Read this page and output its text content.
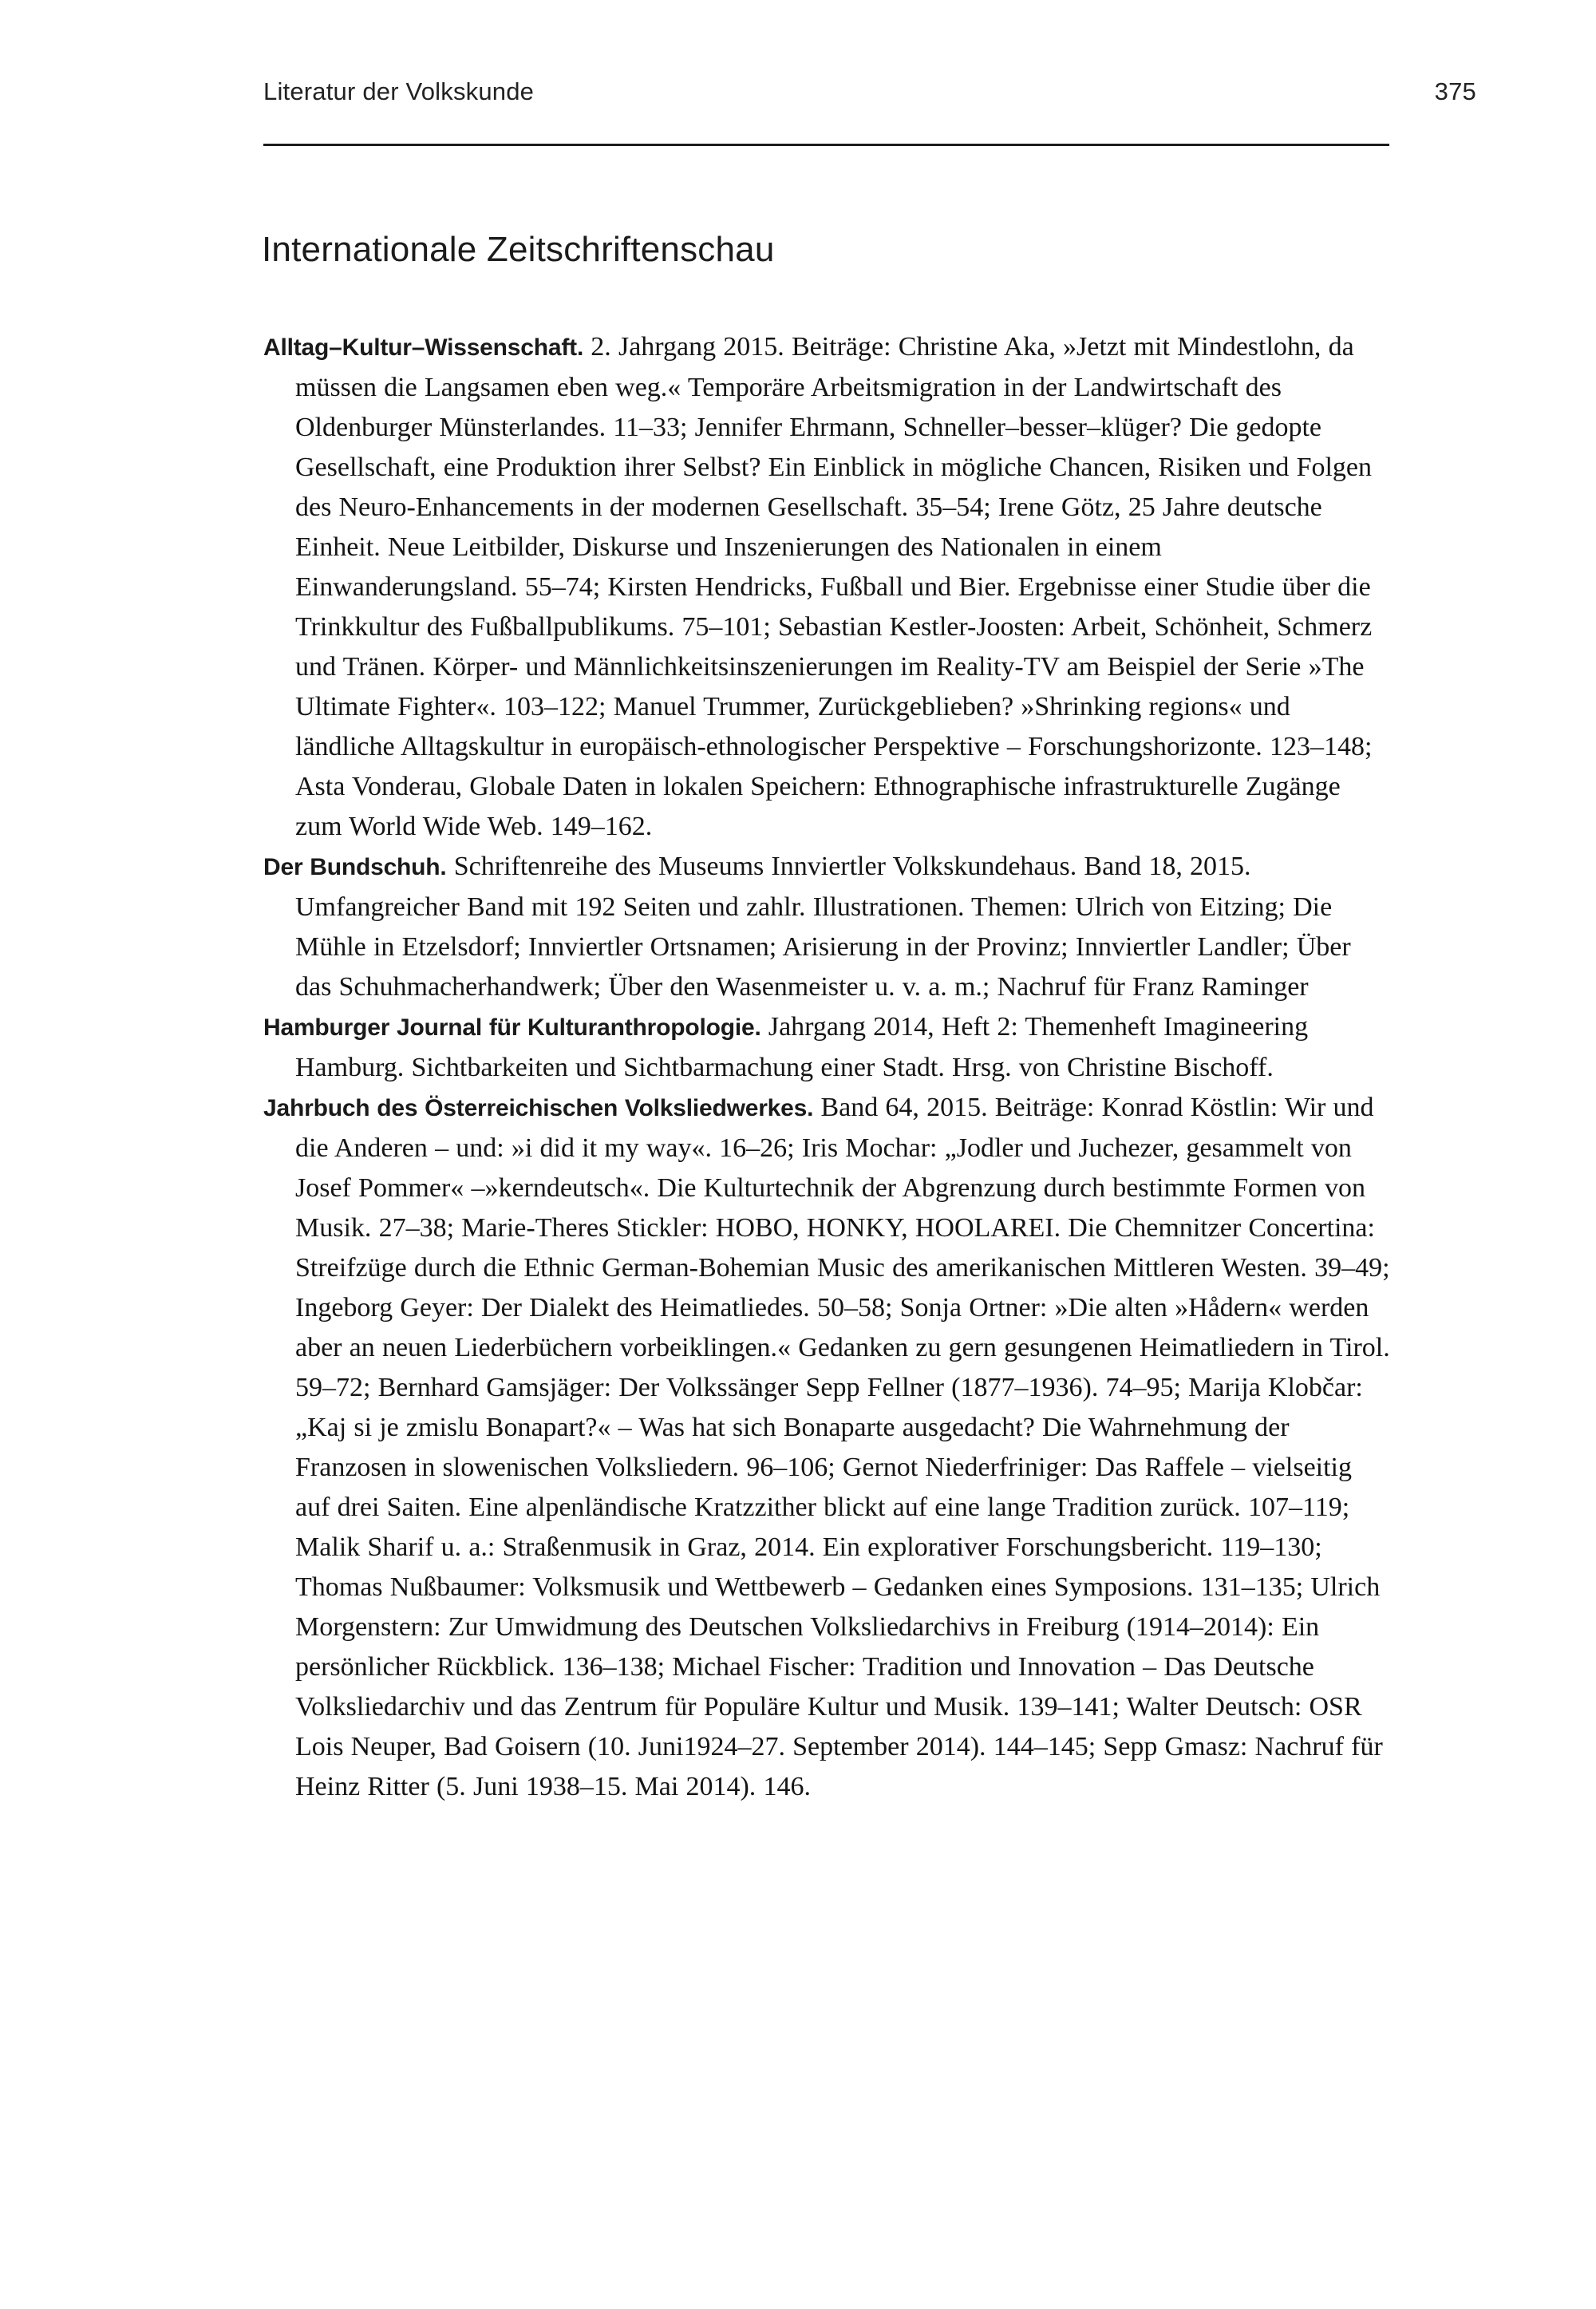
Literatur der Volkskunde	375
Internationale Zeitschriftenschau

Alltag–Kultur–Wissenschaft. 2. Jahrgang 2015. Beiträge: Christine Aka, »Jetzt mit Mindestlohn, da müssen die Langsamen eben weg.« Temporäre Arbeitsmigration in der Landwirtschaft des Oldenburger Münsterlandes. 11–33; Jennifer Ehrmann, Schneller–besser–klüger? Die gedopte Gesellschaft, eine Produktion ihrer Selbst? Ein Einblick in mögliche Chancen, Risiken und Folgen des Neuro-Enhancements in der modernen Gesellschaft. 35–54; Irene Götz, 25 Jahre deutsche Einheit. Neue Leitbilder, Diskurse und Inszenierungen des Nationalen in einem Einwanderungsland. 55–74; Kirsten Hendricks, Fußball und Bier. Ergebnisse einer Studie über die Trinkkultur des Fußballpublikums. 75–101; Sebastian Kestler-Joosten: Arbeit, Schönheit, Schmerz und Tränen. Körper- und Männlichkeitsinszenierungen im Reality-TV am Beispiel der Serie »The Ultimate Fighter«. 103–122; Manuel Trummer, Zurückgeblieben? »Shrinking regions« und ländliche Alltagskultur in europäisch-ethnologischer Perspektive – Forschungshorizonte. 123–148; Asta Vonderau, Globale Daten in lokalen Speichern: Ethnographische infrastrukturelle Zugänge zum World Wide Web. 149–162.

Der Bundschuh. Schriftenreihe des Museums Innviertler Volkskundehaus. Band 18, 2015. Umfangreicher Band mit 192 Seiten und zahlr. Illustrationen. Themen: Ulrich von Eitzing; Die Mühle in Etzelsdorf; Innviertler Ortsnamen; Arisierung in der Provinz; Innviertler Landler; Über das Schuhmacherhandwerk; Über den Wasenmeister u. v. a. m.; Nachruf für Franz Raminger

Hamburger Journal für Kulturanthropologie. Jahrgang 2014, Heft 2: Themenheft Imagineering Hamburg. Sichtbarkeiten und Sichtbarmachung einer Stadt. Hrsg. von Christine Bischoff.

Jahrbuch des Österreichischen Volksliedwerkes. Band 64, 2015. Beiträge: Konrad Köstlin: Wir und die Anderen – und: »i did it my way«. 16–26; Iris Mochar: „Jodler und Juchezer, gesammelt von Josef Pommer« –»kerndeutsch«. Die Kulturtechnik der Abgrenzung durch bestimmte Formen von Musik. 27–38; Marie-Theres Stickler: HOBO, HONKY, HOOLAREI. Die Chemnitzer Concertina: Streifzüge durch die Ethnic German-Bohemian Music des amerikanischen Mittleren Westen. 39–49; Ingeborg Geyer: Der Dialekt des Heimatliedes. 50–58; Sonja Ortner: »Die alten »Hådern« werden aber an neuen Liederbüchern vorbeiklingen.« Gedanken zu gern gesungenen Heimatliedern in Tirol. 59–72; Bernhard Gamsjäger: Der Volkssänger Sepp Fellner (1877–1936). 74–95; Marija Klobčar: „Kaj si je zmislu Bonapart?« – Was hat sich Bonaparte ausgedacht? Die Wahrnehmung der Franzosen in slowenischen Volksliedern. 96–106; Gernot Niederfriniger: Das Raffele – vielseitig auf drei Saiten. Eine alpenländische Kratzzither blickt auf eine lange Tradition zurück. 107–119; Malik Sharif u. a.: Straßenmusik in Graz, 2014. Ein explorativer Forschungsbericht. 119–130; Thomas Nußbaumer: Volksmusik und Wettbewerb – Gedanken eines Symposions. 131–135; Ulrich Morgenstern: Zur Umwidmung des Deutschen Volksliedarchivs in Freiburg (1914–2014): Ein persönlicher Rückblick. 136–138; Michael Fischer: Tradition und Innovation – Das Deutsche Volksliedarchiv und das Zentrum für Populäre Kultur und Musik. 139–141; Walter Deutsch: OSR Lois Neuper, Bad Goisern (10. Juni1924–27. September 2014). 144–145; Sepp Gmasz: Nachruf für Heinz Ritter (5. Juni 1938–15. Mai 2014). 146.
